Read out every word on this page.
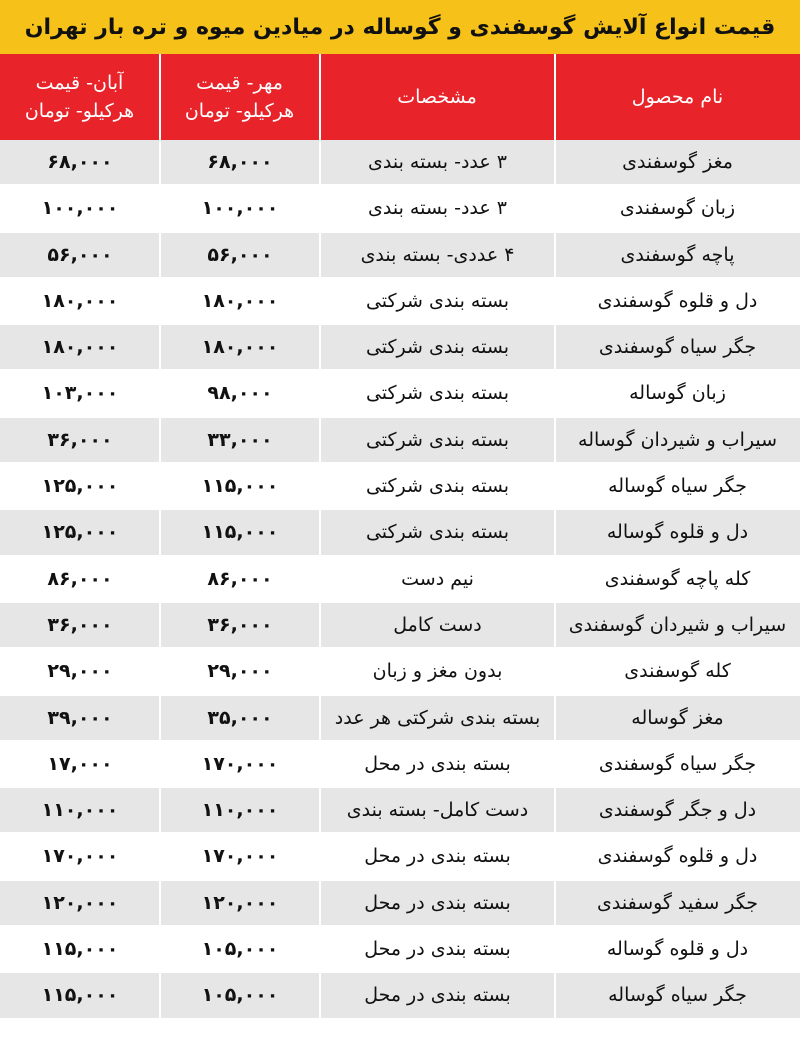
قیمت انواع آلایش گوسفندی و گوساله در میادین میوه و تره بار تهران
نام محصول
مشخصات
مهر- قیمت
هرکیلو- تومان
آبان- قیمت
هرکیلو- تومان
مغز گوسفندی
۳ عدد- بسته بندی
۶۸,۰۰۰
۶۸,۰۰۰
زبان گوسفندی
۳ عدد- بسته بندی
۱۰۰,۰۰۰
۱۰۰,۰۰۰
پاچه گوسفندی
۴ عددی- بسته بندی
۵۶,۰۰۰
۵۶,۰۰۰
دل و قلوه گوسفندی
بسته بندی شرکتی
۱۸۰,۰۰۰
۱۸۰,۰۰۰
جگر سیاه گوسفندی
بسته بندی شرکتی
۱۸۰,۰۰۰
۱۸۰,۰۰۰
زبان گوساله
بسته بندی شرکتی
۹۸,۰۰۰
۱۰۳,۰۰۰
سیراب و شیردان گوساله
بسته بندی شرکتی
۳۳,۰۰۰
۳۶,۰۰۰
جگر سیاه گوساله
بسته بندی شرکتی
۱۱۵,۰۰۰
۱۲۵,۰۰۰
دل و قلوه گوساله
بسته بندی شرکتی
۱۱۵,۰۰۰
۱۲۵,۰۰۰
کله پاچه گوسفندی
نیم دست
۸۶,۰۰۰
۸۶,۰۰۰
سیراب و شیردان گوسفندی
دست کامل
۳۶,۰۰۰
۳۶,۰۰۰
کله گوسفندی
بدون مغز و زبان
۲۹,۰۰۰
۲۹,۰۰۰
مغز گوساله
بسته بندی شرکتی هر عدد
۳۵,۰۰۰
۳۹,۰۰۰
جگر سیاه گوسفندی
بسته بندی در محل
۱۷۰,۰۰۰
۱۷,۰۰۰
دل و جگر گوسفندی
دست کامل- بسته بندی
۱۱۰,۰۰۰
۱۱۰,۰۰۰
دل و قلوه گوسفندی
بسته بندی در محل
۱۷۰,۰۰۰
۱۷۰,۰۰۰
جگر سفید گوسفندی
بسته بندی در محل
۱۲۰,۰۰۰
۱۲۰,۰۰۰
دل و قلوه گوساله
بسته بندی در محل
۱۰۵,۰۰۰
۱۱۵,۰۰۰
جگر سیاه گوساله
بسته بندی در محل
۱۰۵,۰۰۰
۱۱۵,۰۰۰
